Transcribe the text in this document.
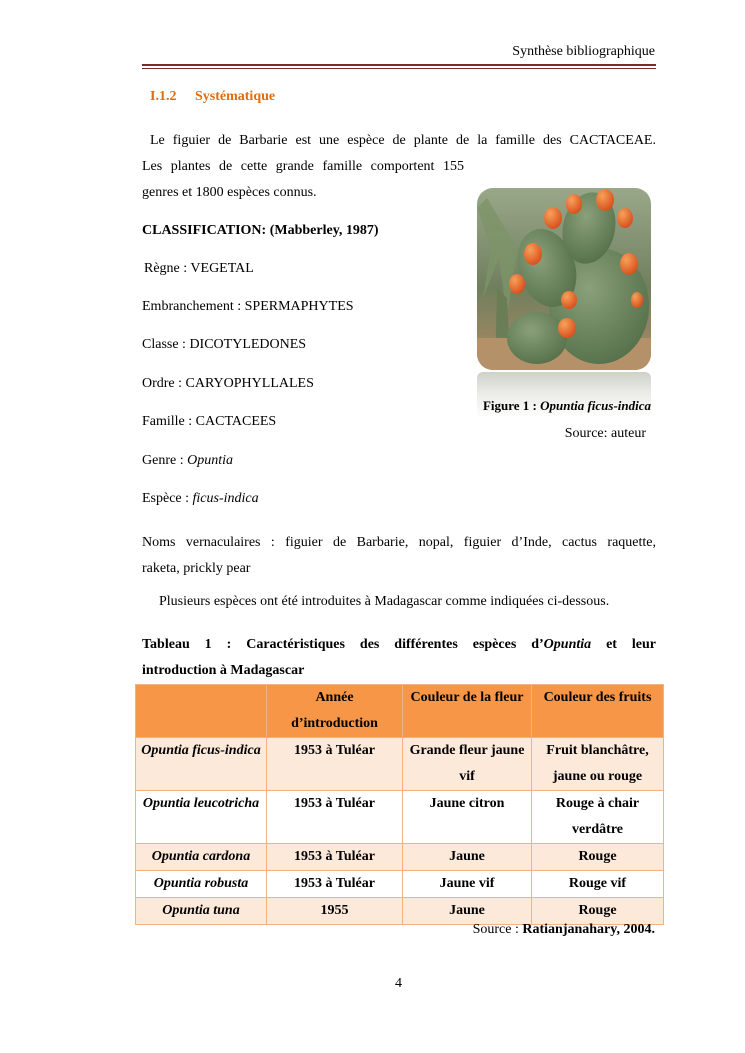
Synthèse bibliographique
I.1.2 Systématique

Le figuier de Barbarie est une espèce de plante de la famille des CACTACEAE.

Les plantes de cette grande famille comportent 155

genres et 1800 espèces connus.

CLASSIFICATION: (Mabberley, 1987)
Règne : VEGETAL
Embranchement : SPERMAPHYTES
Classe : DICOTYLEDONES
Ordre : CARYOPHYLLALES
Famille : CACTACEES
Genre : Opuntia
Espèce : ficus-indica
Figure 1 : Opuntia ficus-indica
Source: auteur

Noms vernaculaires : figuier de Barbarie, nopal, figuier d’Inde, cactus raquette,

raketa, prickly pear

Plusieurs espèces ont été introduites à Madagascar comme indiquées ci-dessous.

Tableau 1 : Caractéristiques des différentes espèces d’Opuntia et leur

introduction à Madagascar

	Année d’introduction	Couleur de la fleur	Couleur des fruits
Opuntia ficus-indica	1953 à Tuléar	Grande fleur jaune vif	Fruit blanchâtre, jaune ou rouge
Opuntia leucotricha	1953 à Tuléar	Jaune citron	Rouge à chair verdâtre
Opuntia cardona	1953 à Tuléar	Jaune	Rouge
Opuntia robusta	1953 à Tuléar	Jaune vif	Rouge vif
Opuntia tuna	1955	Jaune	Rouge
Source : Ratianjanahary, 2004.
4
